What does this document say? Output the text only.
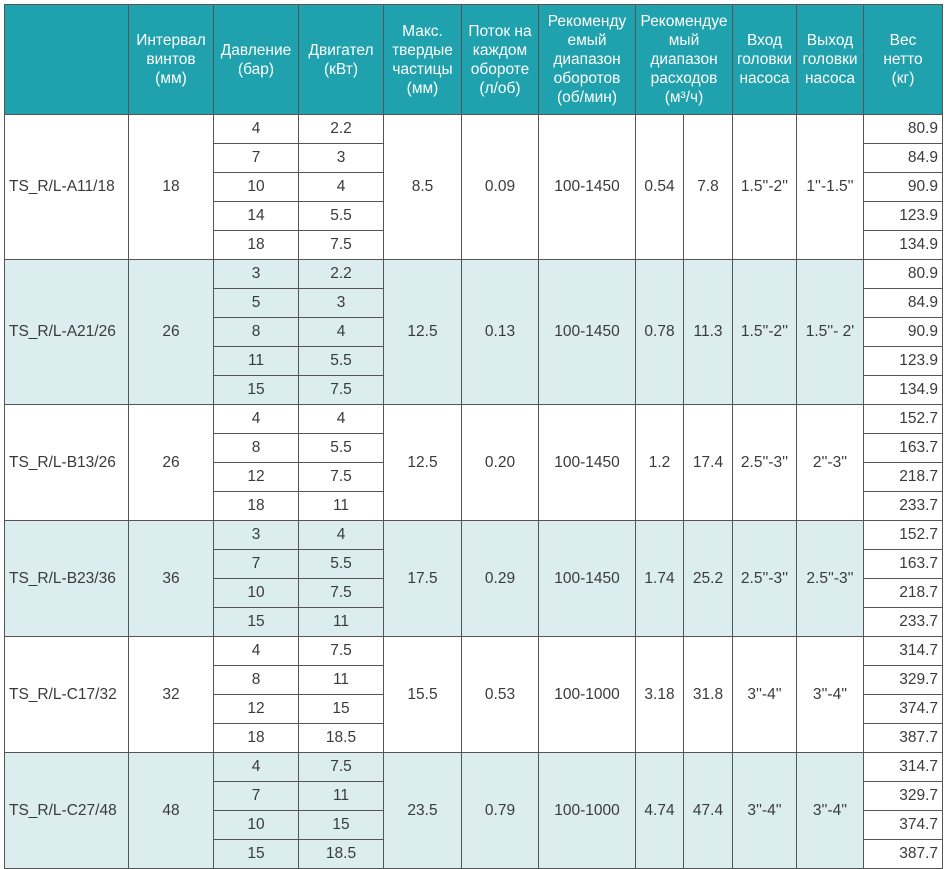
	Интервал
винтов
(мм)	Давление
(бар)	Двигател
(кВт)	Макс.
твердые
частицы
(мм)	Поток на
каждом
обороте
(л/об)	Рекоменду
емый
диапазон
оборотов
(об/мин)	Рекомендуе
мый
диапазон
расходов
(м³/ч)		Вход
головки
насоса	Выход
головки
насоса	Вес
нетто
(кг)
TS_R/L-A11/18	18	4	2.2	8.5	0.09	100-1450	0.54	7.8	1.5''-2''	1''-1.5''	80.9
		7	3								84.9
		10	4								90.9
		14	5.5								123.9
		18	7.5								134.9
TS_R/L-A21/26	26	3	2.2	12.5	0.13	100-1450	0.78	11.3	1.5''-2''	1.5''- 2'	80.9
		5	3								84.9
		8	4								90.9
		11	5.5								123.9
		15	7.5								134.9
TS_R/L-B13/26	26	4	4	12.5	0.20	100-1450	1.2	17.4	2.5''-3''	2''-3''	152.7
		8	5.5								163.7
		12	7.5								218.7
		18	11								233.7
TS_R/L-B23/36	36	3	4	17.5	0.29	100-1450	1.74	25.2	2.5''-3''	2.5''-3''	152.7
		7	5.5								163.7
		10	7.5								218.7
		15	11								233.7
TS_R/L-C17/32	32	4	7.5	15.5	0.53	100-1000	3.18	31.8	3''-4''	3''-4''	314.7
		8	11								329.7
		12	15								374.7
		18	18.5								387.7
TS_R/L-C27/48	48	4	7.5	23.5	0.79	100-1000	4.74	47.4	3''-4''	3''-4''	314.7
		7	11								329.7
		10	15								374.7
		15	18.5								387.7
